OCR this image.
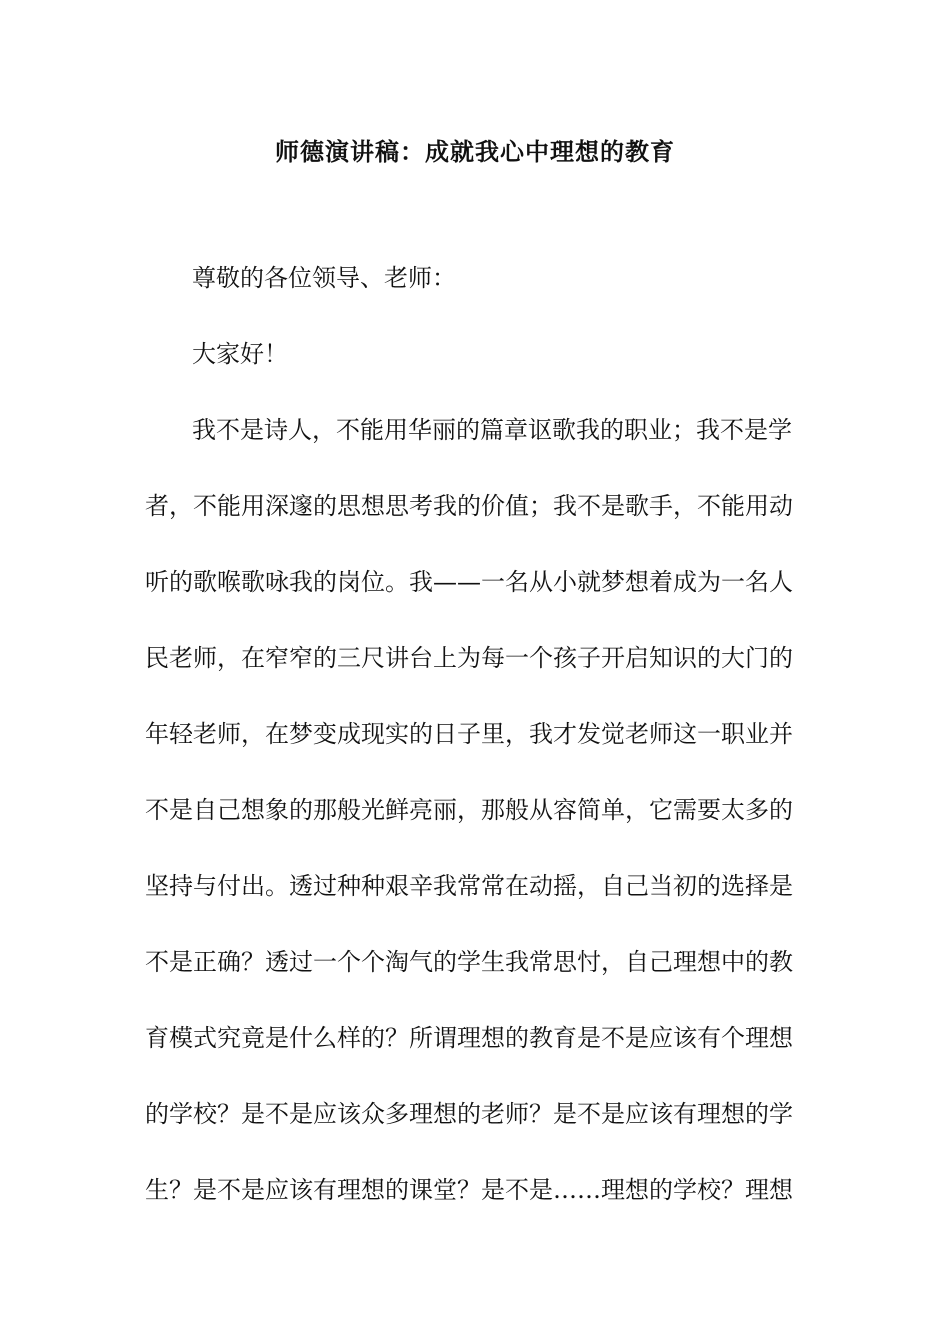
师德演讲稿：成就我心中理想的教育
尊敬的各位领导、老师：
大家好！
我不是诗人，不能用华丽的篇章讴歌我的职业；我不是学
者，不能用深邃的思想思考我的价值；我不是歌手，不能用动
听的歌喉歌咏我的岗位。我——一名从小就梦想着成为一名人
民老师，在窄窄的三尺讲台上为每一个孩子开启知识的大门的
年轻老师，在梦变成现实的日子里，我才发觉老师这一职业并
不是自己想象的那般光鲜亮丽，那般从容简单，它需要太多的
坚持与付出。透过种种艰辛我常常在动摇，自己当初的选择是
不是正确？透过一个个淘气的学生我常思忖，自己理想中的教
育模式究竟是什么样的？所谓理想的教育是不是应该有个理想
的学校？是不是应该众多理想的老师？是不是应该有理想的学
生？是不是应该有理想的课堂？是不是……理想的学校？理想
